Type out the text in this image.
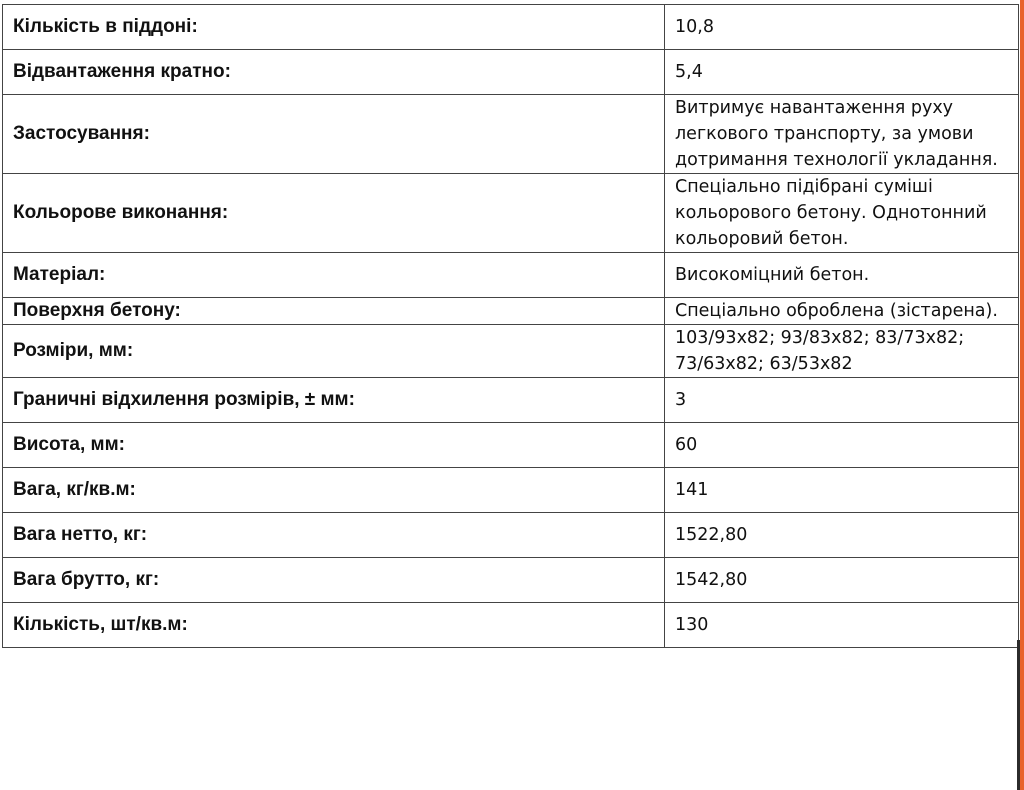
Кількість в піддоні:	10,8
Відвантаження кратно:	5,4
Застосування:	Витримує навантаження руху легкового транспорту, за умови дотримання технології укладання.
Кольорове виконання:	Спеціально підібрані суміші кольорового бетону. Однотонний кольоровий бетон.
Матеріал:	Високоміцний бетон.
Поверхня бетону:	Спеціально оброблена (зістарена).
Розміри, мм:	103/93х82; 93/83х82; 83/73х82; 73/63х82; 63/53х82
Граничні відхилення розмірів, ± мм:	3
Висота, мм:	60
Вага, кг/кв.м:	141
Вага нетто, кг:	1522,80
Вага брутто, кг:	1542,80
Кількість, шт/кв.м:	130
